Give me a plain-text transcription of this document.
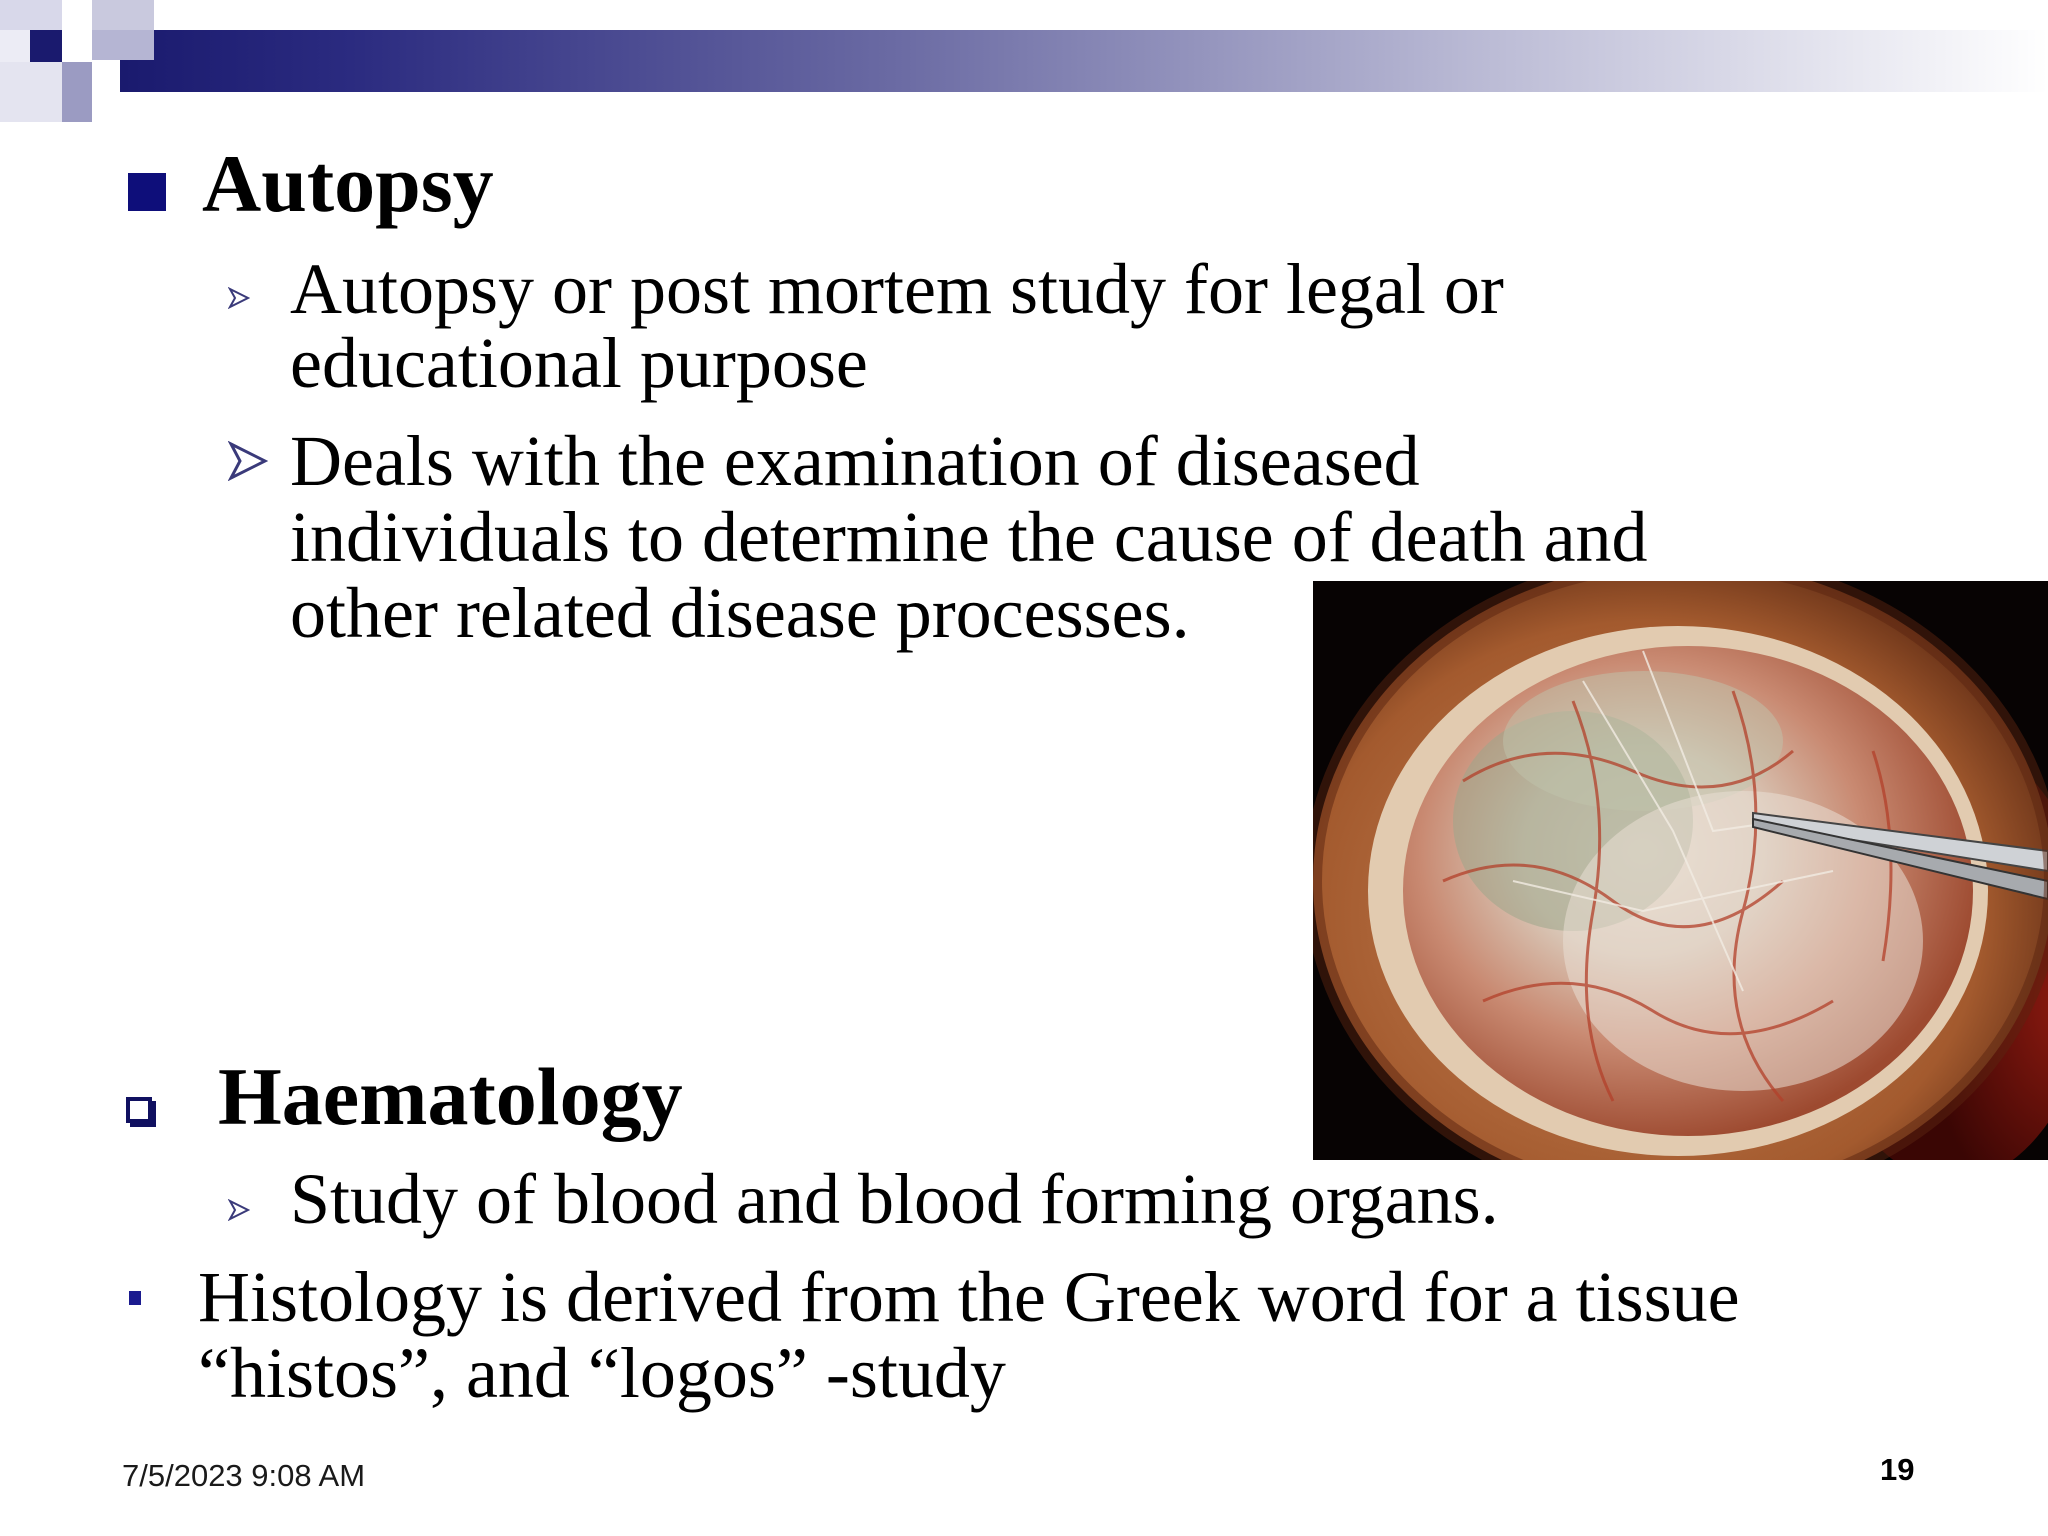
Autopsy
Autopsy or post mortem study for legal or
educational purpose
Deals with the examination of diseased
individuals to determine the cause of death and
other related disease processes.
Haematology
Study of blood and blood forming organs.
Histology is derived from the Greek word for a tissue
“histos”, and “logos” -study
7/5/2023 9:08 AM	19
